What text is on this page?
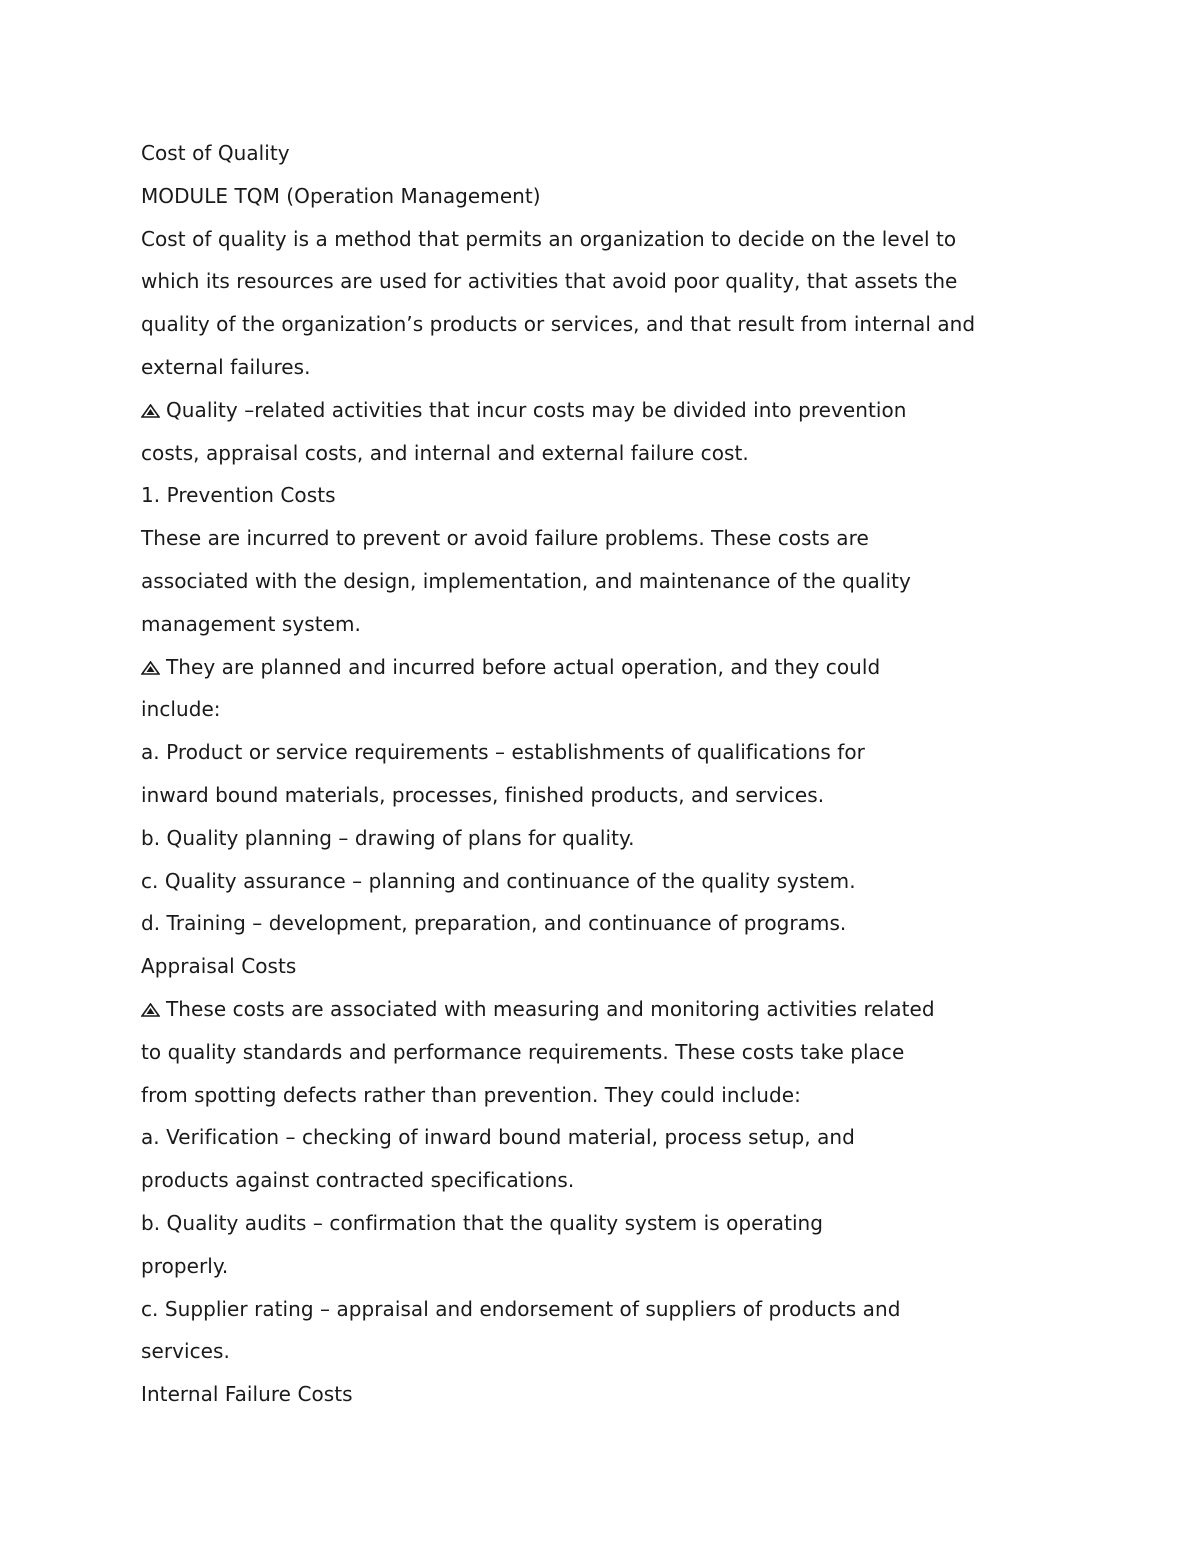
Cost of Quality
MODULE TQM (Operation Management)
Cost of quality is a method that permits an organization to decide on the level to
which its resources are used for activities that avoid poor quality, that assets the
quality of the organization’s products or services, and that result from internal and
external failures.
Quality –related activities that incur costs may be divided into prevention
costs, appraisal costs, and internal and external failure cost.
1. Prevention Costs
These are incurred to prevent or avoid failure problems. These costs are
associated with the design, implementation, and maintenance of the quality
management system.
They are planned and incurred before actual operation, and they could
include:
a. Product or service requirements – establishments of qualifications for
inward bound materials, processes, finished products, and services.
b. Quality planning – drawing of plans for quality.
c. Quality assurance – planning and continuance of the quality system.
d. Training – development, preparation, and continuance of programs.
Appraisal Costs
These costs are associated with measuring and monitoring activities related
to quality standards and performance requirements. These costs take place
from spotting defects rather than prevention. They could include:
a. Verification – checking of inward bound material, process setup, and
products against contracted specifications.
b. Quality audits – confirmation that the quality system is operating
properly.
c. Supplier rating – appraisal and endorsement of suppliers of products and
services.
Internal Failure Costs
